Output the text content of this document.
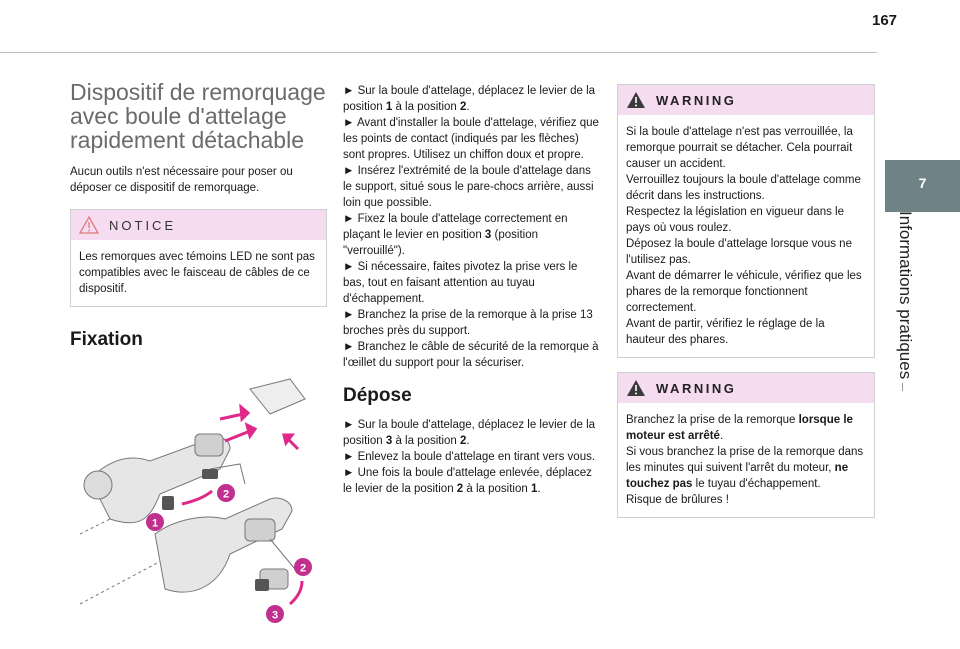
167
7
Informations pratiques
Dispositif de remorquage avec boule d'attelage rapidement détachable

Aucun outils n'est nécessaire pour poser ou déposer ce dispositif de remorquage.

NOTICE

Les remorques avec témoins LED ne sont pas compatibles avec le faisceau de câbles de ce dispositif.

Fixation
1
2
2
3

► Sur la boule d'attelage, déplacez le levier de la position 1 à la position 2.

► Avant d'installer la boule d'attelage, vérifiez que les points de contact (indiqués par les flèches) sont propres. Utilisez un chiffon doux et propre.

► Insérez l'extrémité de la boule d'attelage dans le support, situé sous le pare-chocs arrière, aussi loin que possible.

► Fixez la boule d'attelage correctement en plaçant le levier en position 3 (position "verrouillé").

► Si nécessaire, faites pivotez la prise vers le bas, tout en faisant attention au tuyau d'échappement.

► Branchez la prise de la remorque à la prise 13 broches près du support.

► Branchez le câble de sécurité de la remorque à l'œillet du support pour la sécuriser.

Dépose

► Sur la boule d'attelage, déplacez le levier de la position 3 à la position 2.

► Enlevez la boule d'attelage en tirant vers vous.

► Une fois la boule d'attelage enlevée, déplacez le levier de la position 2 à la position 1.

WARNING

Si la boule d'attelage n'est pas verrouillée, la remorque pourrait se détacher. Cela pourrait causer un accident.

Verrouillez toujours la boule d'attelage comme décrit dans les instructions.

Respectez la législation en vigueur dans le pays où vous roulez.

Déposez la boule d'attelage lorsque vous ne l'utilisez pas.

Avant de démarrer le véhicule, vérifiez que les phares de la remorque fonctionnent correctement.

Avant de partir, vérifiez le réglage de la hauteur des phares.

WARNING

Branchez la prise de la remorque lorsque le moteur est arrêté.

Si vous branchez la prise de la remorque dans les minutes qui suivent l'arrêt du moteur, ne touchez pas le tuyau d'échappement.

Risque de brûlures !
